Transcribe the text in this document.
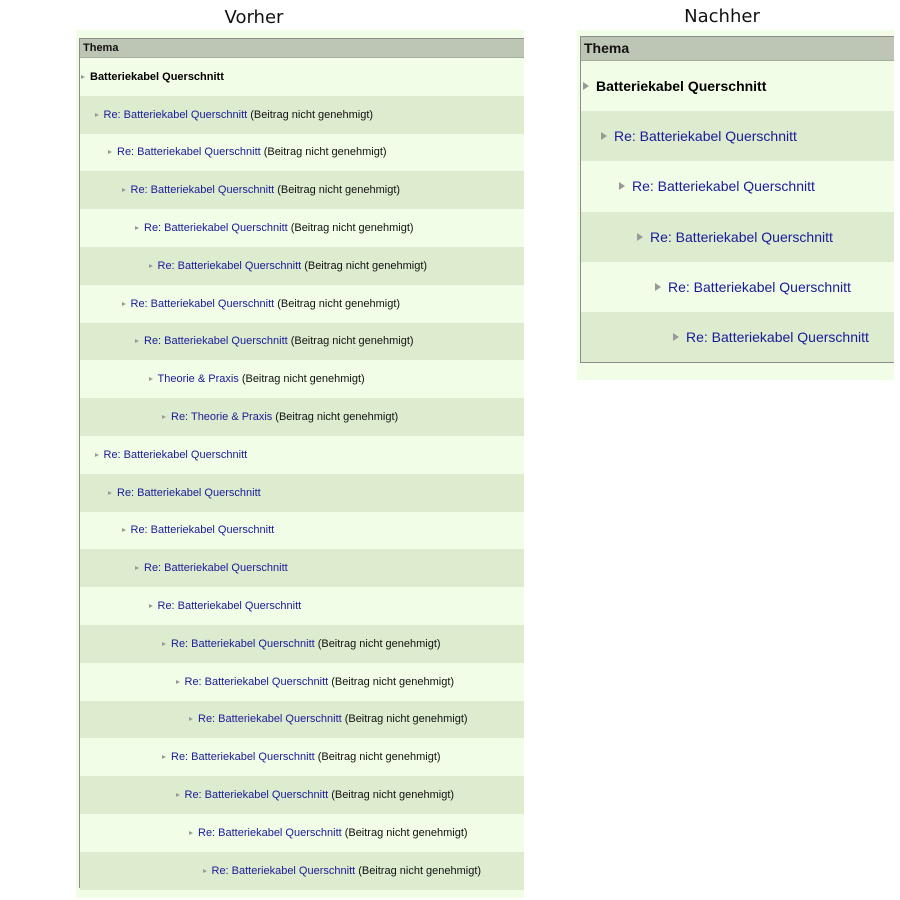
Vorher	Nachher
Thema
Batteriekabel Querschnitt
Re: Batteriekabel Querschnitt (Beitrag nicht genehmigt)
Re: Batteriekabel Querschnitt (Beitrag nicht genehmigt)
Re: Batteriekabel Querschnitt (Beitrag nicht genehmigt)
Re: Batteriekabel Querschnitt (Beitrag nicht genehmigt)
Re: Batteriekabel Querschnitt (Beitrag nicht genehmigt)
Re: Batteriekabel Querschnitt (Beitrag nicht genehmigt)
Re: Batteriekabel Querschnitt (Beitrag nicht genehmigt)
Theorie & Praxis (Beitrag nicht genehmigt)
Re: Theorie & Praxis (Beitrag nicht genehmigt)
Re: Batteriekabel Querschnitt
Re: Batteriekabel Querschnitt
Re: Batteriekabel Querschnitt
Re: Batteriekabel Querschnitt
Re: Batteriekabel Querschnitt
Re: Batteriekabel Querschnitt (Beitrag nicht genehmigt)
Re: Batteriekabel Querschnitt (Beitrag nicht genehmigt)
Re: Batteriekabel Querschnitt (Beitrag nicht genehmigt)
Re: Batteriekabel Querschnitt (Beitrag nicht genehmigt)
Re: Batteriekabel Querschnitt (Beitrag nicht genehmigt)
Re: Batteriekabel Querschnitt (Beitrag nicht genehmigt)
Re: Batteriekabel Querschnitt (Beitrag nicht genehmigt)
Thema
Batteriekabel Querschnitt
Re: Batteriekabel Querschnitt
Re: Batteriekabel Querschnitt
Re: Batteriekabel Querschnitt
Re: Batteriekabel Querschnitt
Re: Batteriekabel Querschnitt
